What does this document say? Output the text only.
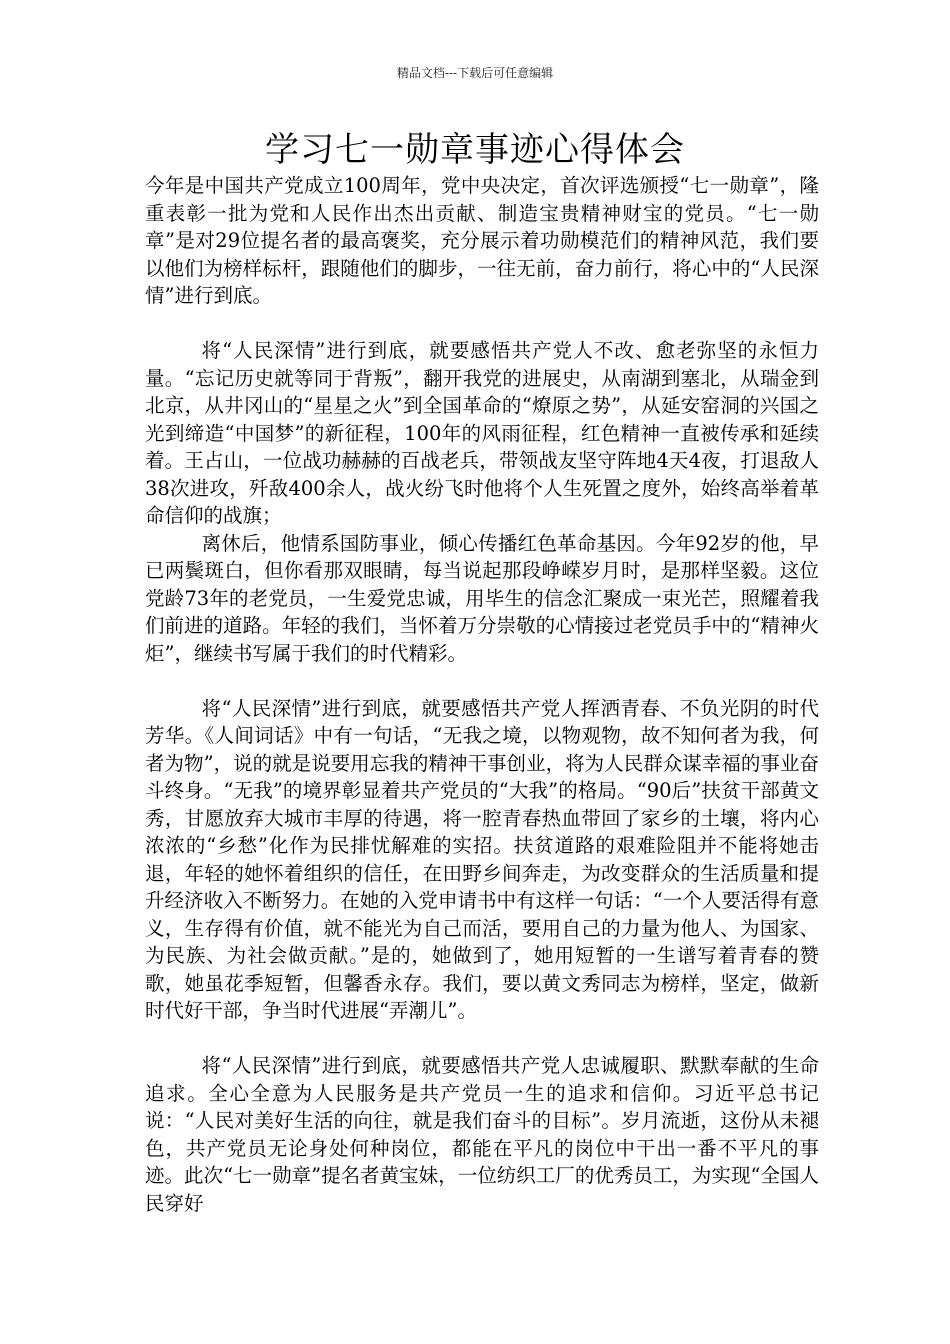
精品文档---下载后可任意编辑
学习七一勋章事迹心得体会

今年是中国共产党成立100周年，党中央决定，首次评选颁授“七一勋章”，隆重表彰一批为党和人民作出杰出贡献、制造宝贵精神财宝的党员。“七一勋章”是对29位提名者的最高褒奖，充分展示着功勋模范们的精神风范，我们要以他们为榜样标杆，跟随他们的脚步，一往无前，奋力前行，将心中的“人民深情”进行到底。

将“人民深情”进行到底，就要感悟共产党人不改、愈老弥坚的永恒力量。“忘记历史就等同于背叛”，翻开我党的进展史，从南湖到塞北，从瑞金到北京，从井冈山的“星星之火”到全国革命的“燎原之势”，从延安窑洞的兴国之光到缔造“中国梦”的新征程，100年的风雨征程，红色精神一直被传承和延续着。王占山，一位战功赫赫的百战老兵，带领战友坚守阵地4天4夜，打退敌人38次进攻，歼敌400余人，战火纷飞时他将个人生死置之度外，始终高举着革命信仰的战旗；

离休后，他情系国防事业，倾心传播红色革命基因。今年92岁的他，早已两鬓斑白，但你看那双眼睛，每当说起那段峥嵘岁月时，是那样坚毅。这位党龄73年的老党员，一生爱党忠诚，用毕生的信念汇聚成一束光芒，照耀着我们前进的道路。年轻的我们，当怀着万分崇敬的心情接过老党员手中的“精神火炬”，继续书写属于我们的时代精彩。

将“人民深情”进行到底，就要感悟共产党人挥洒青春、不负光阴的时代芳华。《人间词话》中有一句话，“无我之境，以物观物，故不知何者为我，何者为物”，说的就是说要用忘我的精神干事创业，将为人民群众谋幸福的事业奋斗终身。“无我”的境界彰显着共产党员的“大我”的格局。“90后”扶贫干部黄文秀，甘愿放弃大城市丰厚的待遇，将一腔青春热血带回了家乡的土壤，将内心浓浓的“乡愁”化作为民排忧解难的实招。扶贫道路的艰难险阻并不能将她击退，年轻的她怀着组织的信任，在田野乡间奔走，为改变群众的生活质量和提升经济收入不断努力。在她的入党申请书中有这样一句话：“一个人要活得有意义，生存得有价值，就不能光为自己而活，要用自己的力量为他人、为国家、为民族、为社会做贡献。”是的，她做到了，她用短暂的一生谱写着青春的赞歌，她虽花季短暂，但馨香永存。我们，要以黄文秀同志为榜样，坚定，做新时代好干部，争当时代进展“弄潮儿”。

将“人民深情”进行到底，就要感悟共产党人忠诚履职、默默奉献的生命追求。全心全意为人民服务是共产党员一生的追求和信仰。习近平总书记说：“人民对美好生活的向往，就是我们奋斗的目标”。岁月流逝，这份从未褪色，共产党员无论身处何种岗位，都能在平凡的岗位中干出一番不平凡的事迹。此次“七一勋章”提名者黄宝妹，一位纺织工厂的优秀员工，为实现“全国人民穿好
